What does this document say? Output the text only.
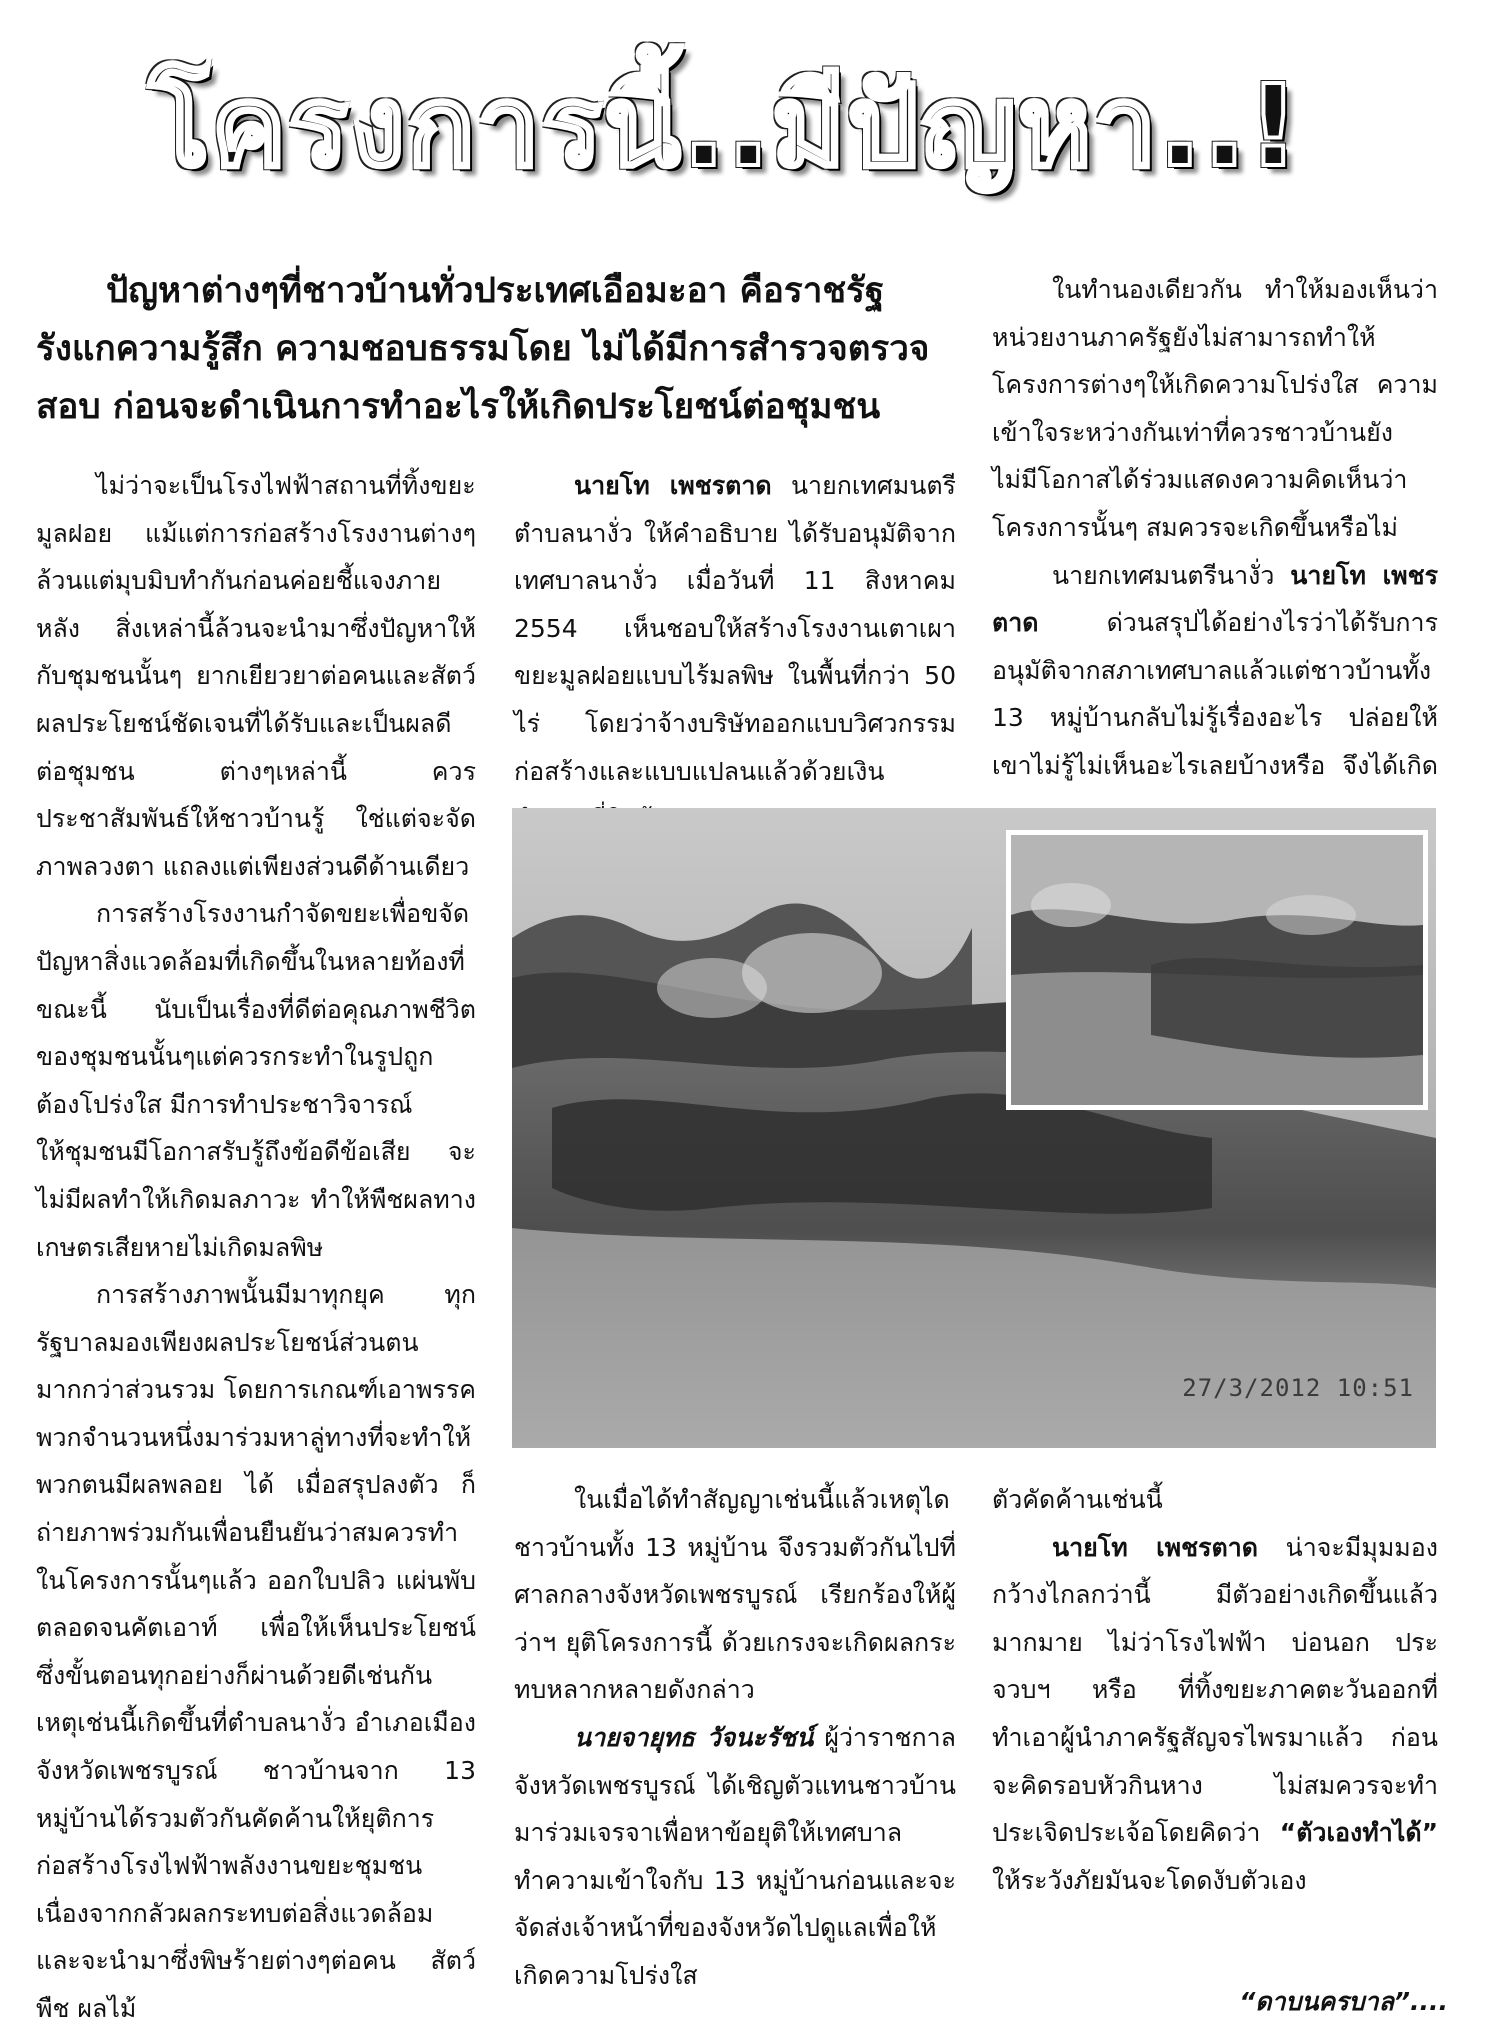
โครงการนี้..มีปัญหา..!
ปัญหาต่างๆที่ชาวบ้านทั่วประเทศเอือมะอา คือราชรัฐ
รังแกความรู้สึก ความชอบธรรมโดย ไม่ได้มีการสำรวจตรวจ
สอบ ก่อนจะดำเนินการทำอะไรให้เกิดประโยชน์ต่อชุมชน

ไม่ว่าจะเป็นโรงไฟฟ้าสถานที่ทิ้งขยะมูลฝอย แม้แต่การก่อสร้างโรงงานต่างๆ ล้วนแต่มุบมิบทำกันก่อนค่อยชี้แจงภายหลัง สิ่งเหล่านี้ล้วนจะนำมาซึ่งปัญหาให้กับชุมชนนั้นๆ ยากเยียวยาต่อคนและสัตว์ ผลประโยชน์ชัดเจนที่ได้รับและเป็นผลดีต่อชุมชน ต่างๆเหล่านี้ ควรประชาสัมพันธ์ให้ชาวบ้านรู้ ใช่แต่จะจัดภาพลวงตา แถลงแต่เพียงส่วนดีด้านเดียว

การสร้างโรงงานกำจัดขยะเพื่อขจัดปัญหาสิ่งแวดล้อมที่เกิดขึ้นในหลายท้องที่ขณะนี้ นับเป็นเรื่องที่ดีต่อคุณภาพชีวิตของชุมชนนั้นๆแต่ควรกระทำในรูปถูกต้องโปร่งใส มีการทำประชาวิจารณ์

ให้ชุมชนมีโอกาสรับรู้ถึงข้อดีข้อเสีย จะไม่มีผลทำให้เกิดมลภาวะ ทำให้พืชผลทางเกษตรเสียหายไม่เกิดมลพิษ

การสร้างภาพนั้นมีมาทุกยุค ทุกรัฐบาลมองเพียงผลประโยชน์ส่วนตนมากกว่าส่วนรวม โดยการเกณฑ์เอาพรรคพวกจำนวนหนึ่งมาร่วมหาลู่ทางที่จะทำให้พวกตนมีผลพลอย ได้ เมื่อสรุปลงตัว ก็ถ่ายภาพร่วมกันเพื่อนยืนยันว่าสมควรทำในโครงการนั้นๆแล้ว ออกใบปลิว แผ่นพับ ตลอดจนคัตเอาท์ เพื่อให้เห็นประโยชน์ ซึ่งขั้นตอนทุกอย่างก็ผ่านด้วยดีเช่นกัน เหตุเช่นนี้เกิดขึ้นที่ตำบลนางั่ว อำเภอเมือง จังหวัดเพชรบูรณ์ ชาวบ้านจาก 13 หมู่บ้านได้รวมตัวกันคัดค้านให้ยุติการก่อสร้างโรงไฟฟ้าพลังงานขยะชุมชนเนื่องจากกลัวผลกระทบต่อสิ่งแวดล้อม และจะนำมาซึ่งพิษร้ายต่างๆต่อคน สัตว์ พืช ผลไม้

นายโท เพชรตาด นายกเทศมนตรีตำบลนางั่ว ให้คำอธิบาย ได้รับอนุมัติจากเทศบาลนางั่ว เมื่อวันที่ 11 สิงหาคม 2554 เห็นชอบให้สร้างโรงงานเตาเผาขยะมูลฝอยแบบไร้มลพิษ ในพื้นที่กว่า 50 ไร่ โดยว่าจ้างบริษัทออกแบบวิศวกรรมก่อสร้างและแบบแปลนแล้วด้วยเงิน

ในทำนองเดียวกัน ทำให้มองเห็นว่าหน่วยงานภาครัฐยังไม่สามารถทำให้โครงการต่างๆให้เกิดความโปร่งใส ความเข้าใจระหว่างกันเท่าที่ควรชาวบ้านยังไม่มีโอกาสได้ร่วมแสดงความคิดเห็นว่าโครงการนั้นๆ สมควรจะเกิดขึ้นหรือไม่

นายกเทศมนตรีนางั่ว นายโท เพชรตาด	ด่วนสรุปได้อย่างไรว่าได้รับการอนุมัติจากสภาเทศบาลแล้วแต่ชาวบ้านทั้ง 13 หมู่บ้านกลับไม่รู้เรื่องอะไร ปล่อยให้เขาไม่รู้ไม่เห็นอะไรเลยบ้างหรือ จึงได้เกิด

27/3/2012 10:51

ในเมื่อได้ทำสัญญาเช่นนี้แล้วเหตุไดชาวบ้านทั้ง 13 หมู่บ้าน จึงรวมตัวกันไปที่ศาลกลางจังหวัดเพชรบูรณ์ เรียกร้องให้ผู้ว่าฯ ยุติโครงการนี้ ด้วยเกรงจะเกิดผลกระทบหลากหลายดังกล่าว

นายจายุทธ วัจนะรัชน์ ผู้ว่าราชกาลจังหวัดเพชรบูรณ์ ได้เชิญตัวแทนชาวบ้านมาร่วมเจรจาเพื่อหาข้อยุติให้เทศบาลทำความเข้าใจกับ 13 หมู่บ้านก่อนและจะจัดส่งเจ้าหน้าที่ของจังหวัดไปดูแลเพื่อให้เกิดความโปร่งใส

ตัวคัดค้านเช่นนี้

นายโท เพชรตาด น่าจะมีมุมมองกว้างไกลกว่านี้ มีตัวอย่างเกิดขึ้นแล้วมากมาย ไม่ว่าโรงไฟฟ้า บ่อนอก ประจวบฯ หรือ ที่ทิ้งขยะภาคตะวันออกที่ทำเอาผู้นำภาครัฐสัญจรไพรมาแล้ว ก่อนจะคิดรอบหัวกินหาง ไม่สมควรจะทำประเจิดประเจ้อโดยคิดว่า “ตัวเองทำได้” ให้ระวังภัยมันจะโดดงับตัวเอง

“ดาบนครบาล”....
